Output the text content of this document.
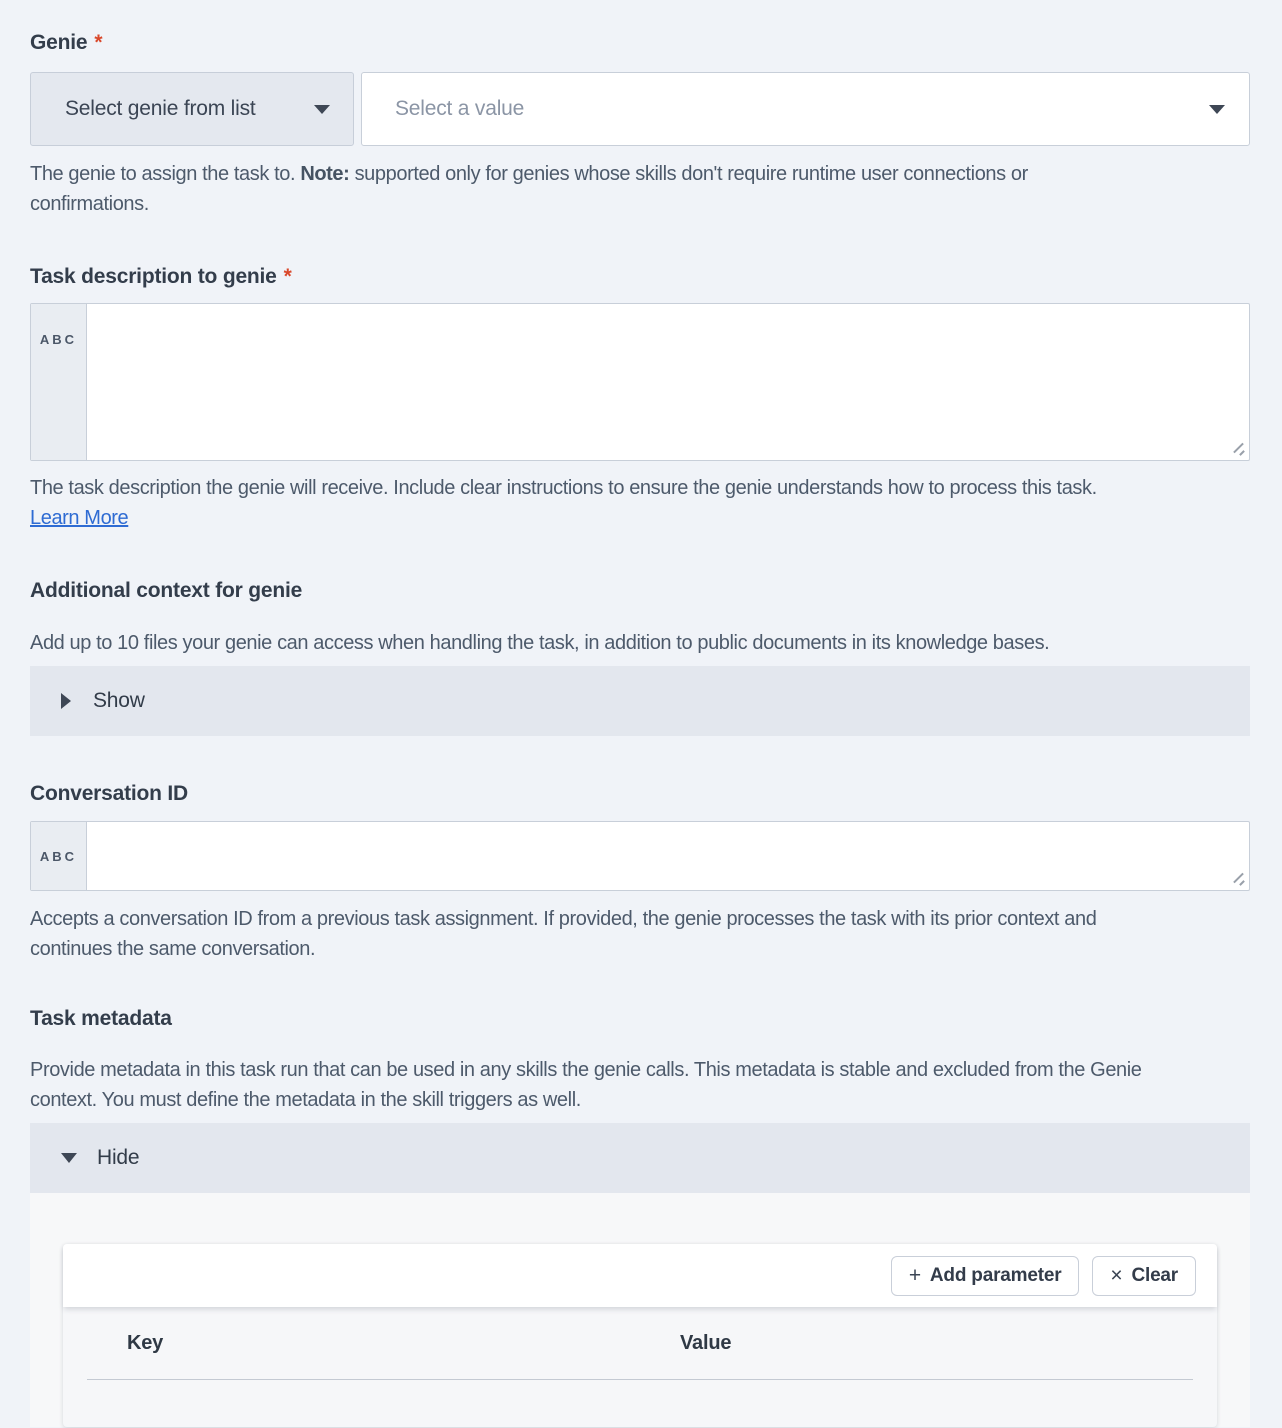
Genie *
Select genie from list	Select a value
The genie to assign the task to. Note: supported only for genies whose skills don't require runtime user connections or
confirmations.
Task description to genie *
ABC
The task description the genie will receive. Include clear instructions to ensure the genie understands how to process this task.
Learn More
Additional context for genie
Add up to 10 files your genie can access when handling the task, in addition to public documents in its knowledge bases.
Show
Conversation ID
ABC
Accepts a conversation ID from a previous task assignment. If provided, the genie processes the task with its prior context and
continues the same conversation.
Task metadata
Provide metadata in this task run that can be used in any skills the genie calls. This metadata is stable and excluded from the Genie
context. You must define the metadata in the skill triggers as well.
Hide
+ Add parameter × Clear
Key	Value
